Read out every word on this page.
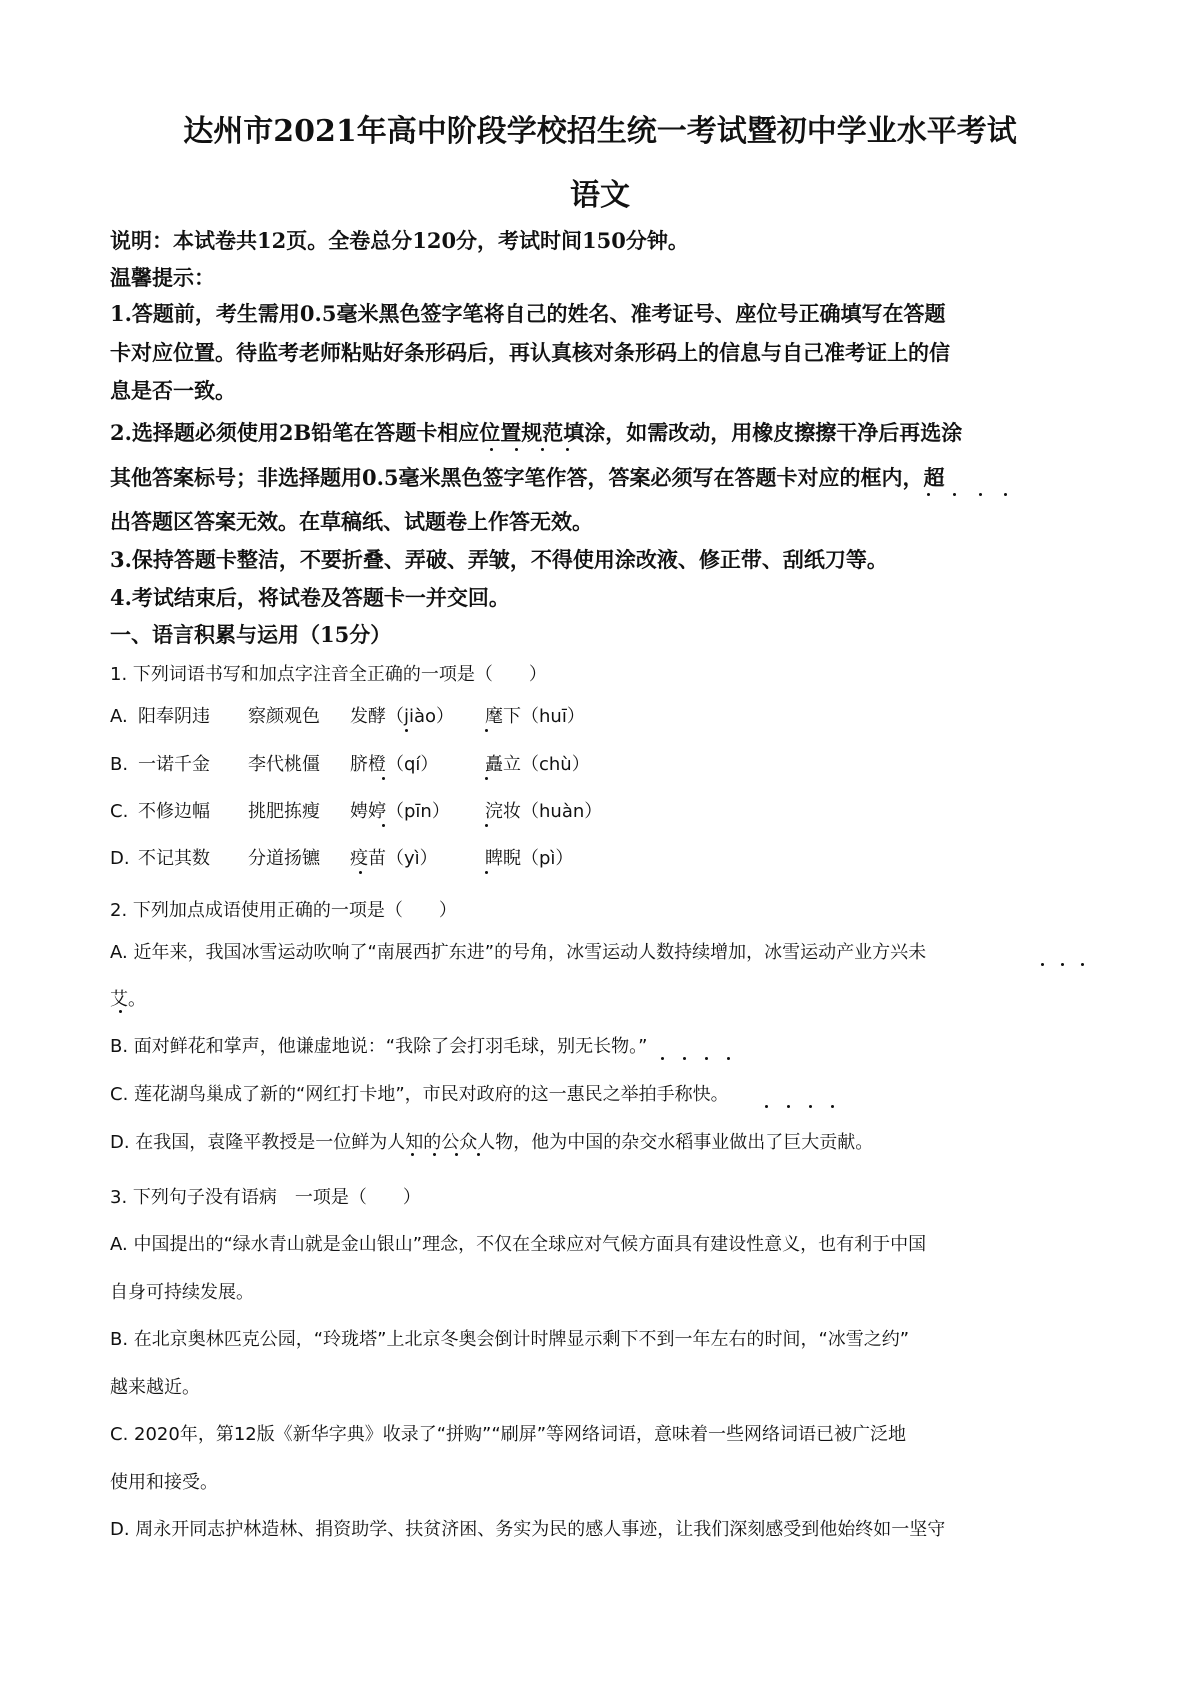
达州市2021年高中阶段学校招生统一考试暨初中学业水平考试
语文
说明：本试卷共12页。全卷总分120分，考试时间150分钟。
温馨提示：
1.答题前，考生需用0.5毫米黑色签字笔将自己的姓名、准考证号、座位号正确填写在答题
卡对应位置。待监考老师粘贴好条形码后，再认真核对条形码上的信息与自己准考证上的信
息是否一致。
2.选择题必须使用2B铅笔在答题卡相应位置规范填涂，如需改动，用橡皮擦擦干净后再选涂
其他答案标号；非选择题用0.5毫米黑色签字笔作答，答案必须写在答题卡对应的框内，超
出答题区答案无效。在草稿纸、试题卷上作答无效。
3.保持答题卡整洁，不要折叠、弄破、弄皱，不得使用涂改液、修正带、刮纸刀等。
4.考试结束后，将试卷及答题卡一并交回。
一、语言积累与运用（15分）
1. 下列词语书写和加点字注音全正确的一项是（　　）
A. 阳奉阴违 察颜观色 发酵（jiào） 麾下（huī）
B. 一诺千金 李代桃僵 脐橙（qí）	矗立（chù）
C. 不修边幅 挑肥拣瘦 娉婷（pīn） 浣妆（huàn）
D. 不记其数 分道扬镳 疫苗（yì）	睥睨（pì）
2. 下列加点成语使用正确的一项是（　　）
A. 近年来，我国冰雪运动吹响了“南展西扩东进”的号角，冰雪运动人数持续增加，冰雪运动产业方兴未
艾。
B. 面对鲜花和掌声，他谦虚地说：“我除了会打羽毛球，别无长物。”
C. 莲花湖鸟巢成了新的“网红打卡地”，市民对政府的这一惠民之举拍手称快。
D. 在我国，袁隆平教授是一位鲜为人知的公众人物，他为中国的杂交水稻事业做出了巨大贡献。
3. 下列句子没有语病　一项是（　　）
A. 中国提出的“绿水青山就是金山银山”理念，不仅在全球应对气候方面具有建设性意义，也有利于中国
自身可持续发展。
B. 在北京奥林匹克公园，“玲珑塔”上北京冬奥会倒计时牌显示剩下不到一年左右的时间，“冰雪之约”
越来越近。
C. 2020年，第12版《新华字典》收录了“拼购”“刷屏”等网络词语，意味着一些网络词语已被广泛地
使用和接受。
D. 周永开同志护林造林、捐资助学、扶贫济困、务实为民的感人事迹，让我们深刻感受到他始终如一坚守
